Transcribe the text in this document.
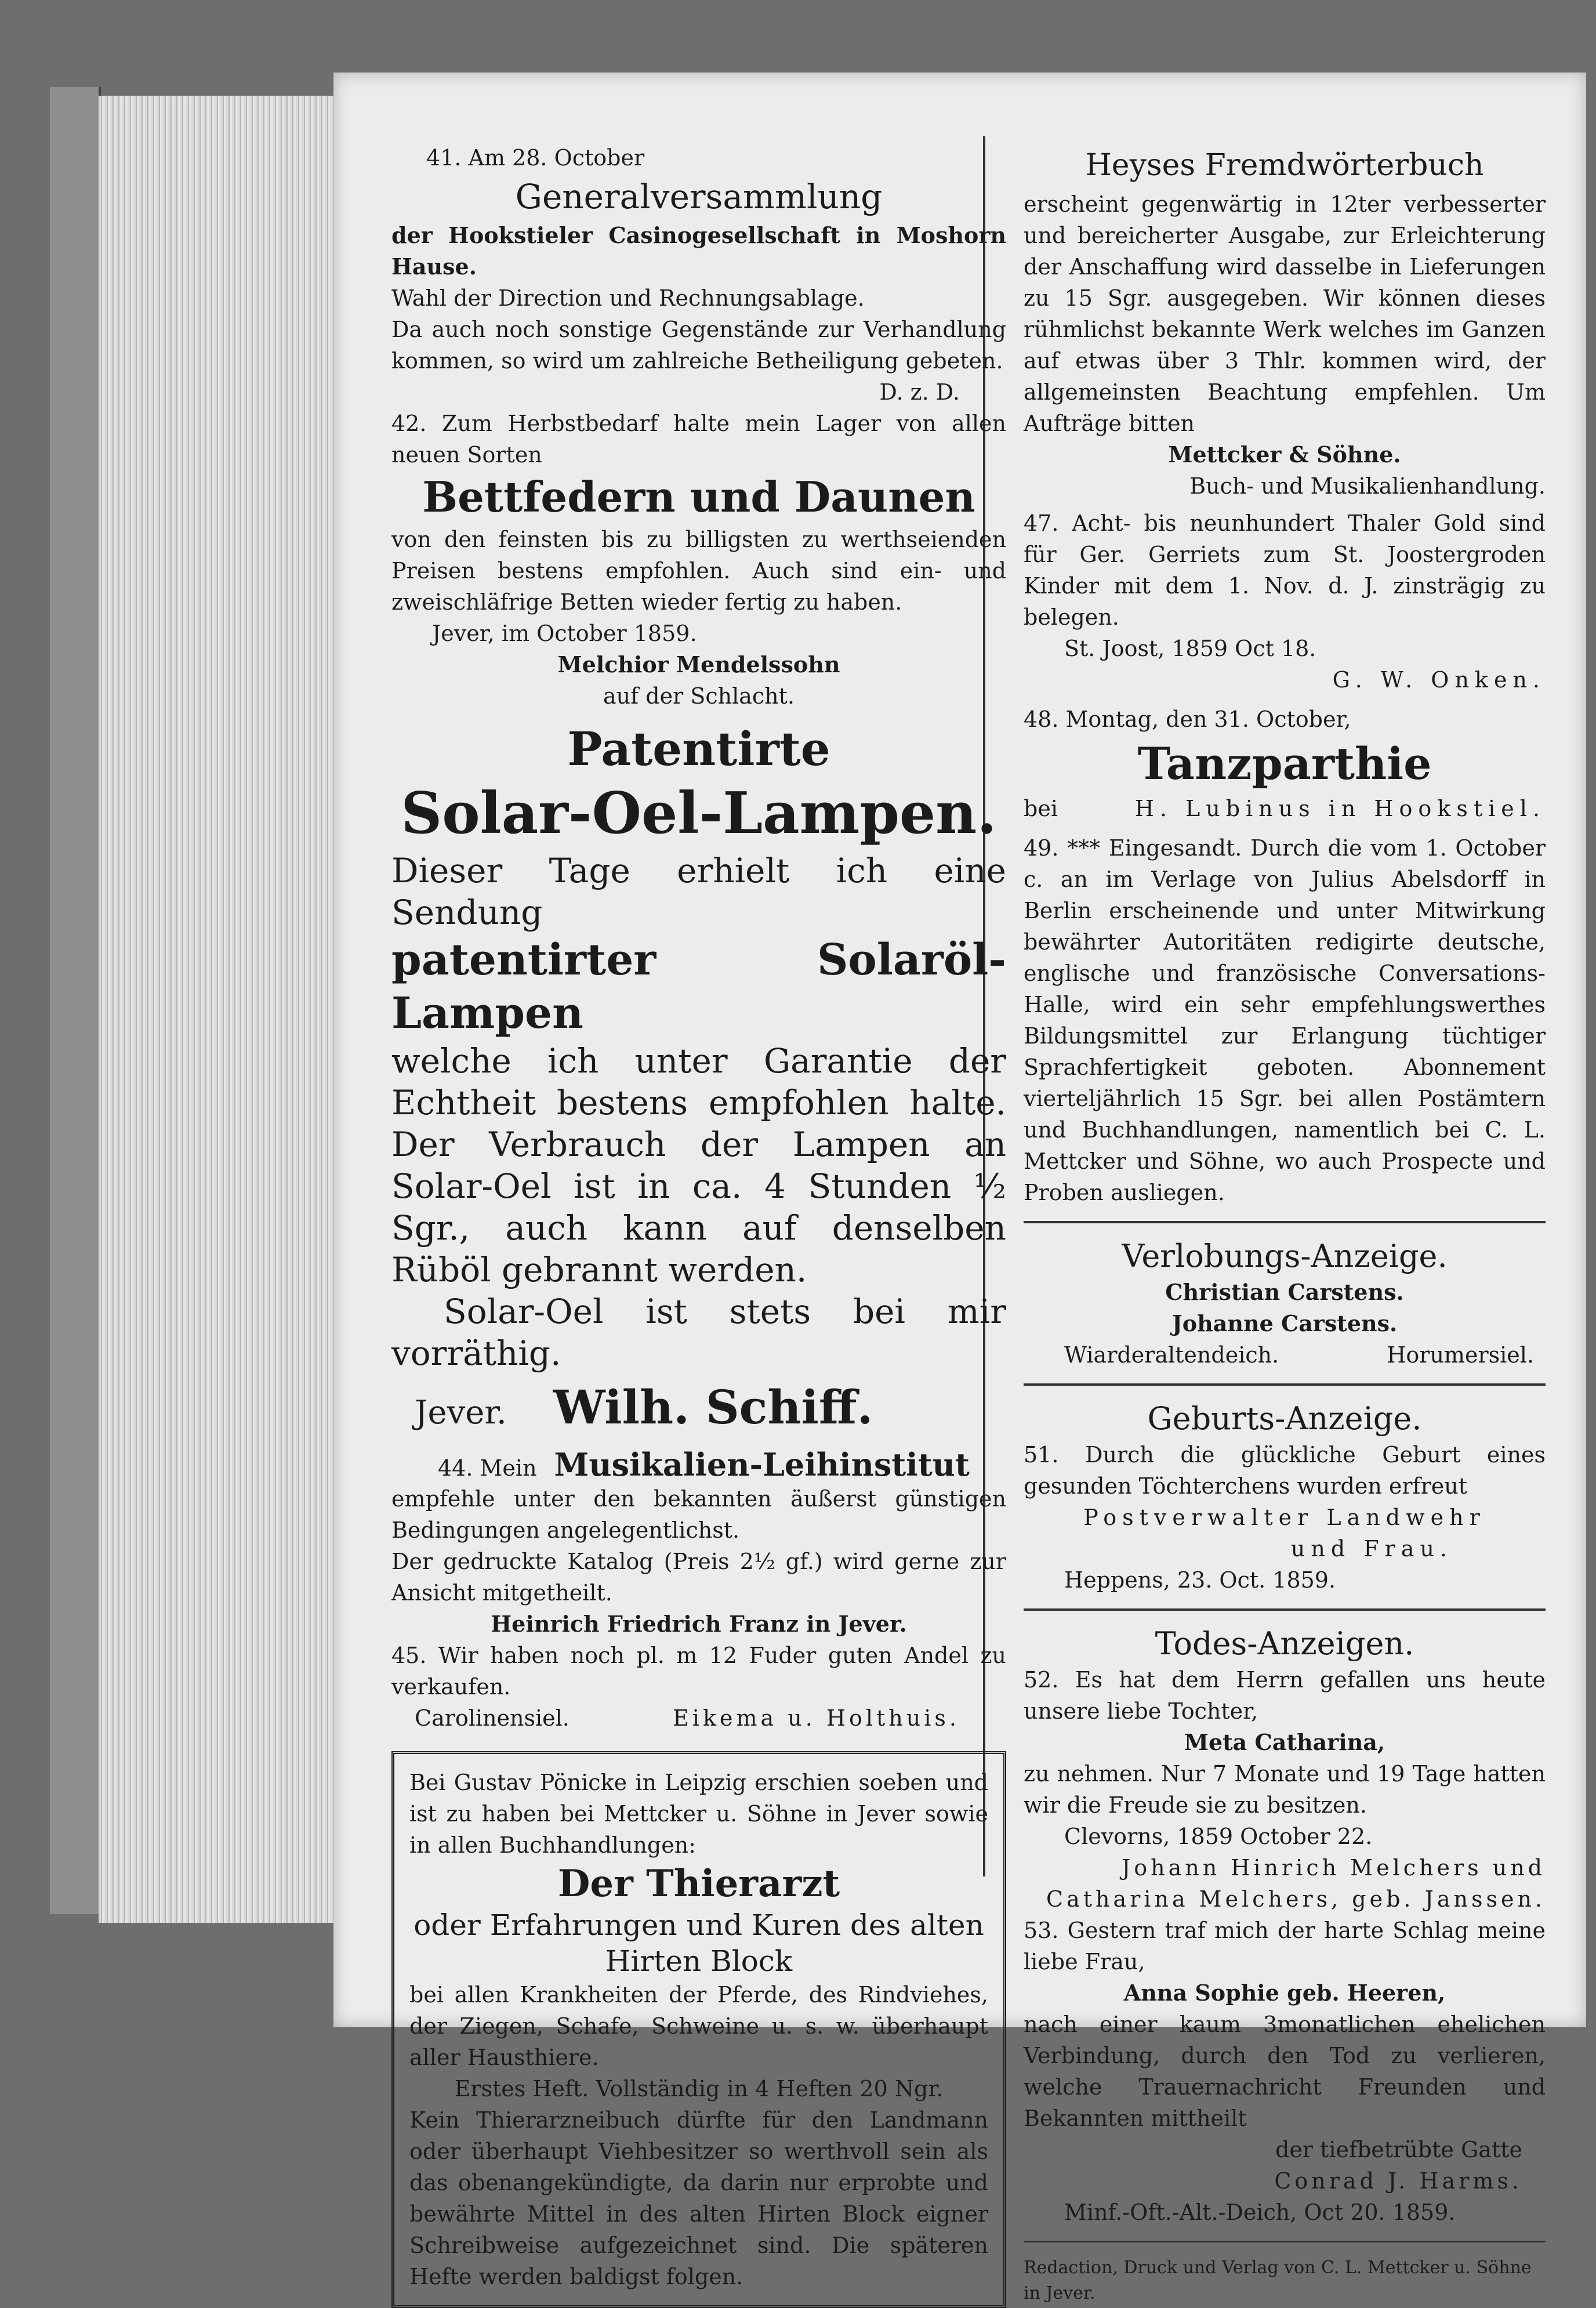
41. Am 28. October

Generalversammlung

der Hookstieler Casinogesellschaft in Moshorn Hause.

Wahl der Direction und Rechnungsablage.

Da auch noch sonstige Gegenstände zur Verhandlung kommen, so wird um zahlreiche Betheiligung gebeten.

D. z. D.

42. Zum Herbstbedarf halte mein Lager von allen neuen Sorten

Bettfedern und Daunen

von den feinsten bis zu billigsten zu werthseienden Preisen bestens empfohlen. Auch sind ein- und zweischläfrige Betten wieder fertig zu haben.

Jever, im October 1859.

Melchior Mendelssohn

auf der Schlacht.

Patentirte
Solar-Oel-Lampen.

Dieser Tage erhielt ich eine Sendung

patentirter Solaröl-Lampen

welche ich unter Garantie der Echtheit bestens empfohlen halte. Der Verbrauch der Lampen an Solar-Oel ist in ca. 4 Stunden ½ Sgr., auch kann auf denselben Rüböl gebrannt werden.

Solar-Oel ist stets bei mir vorräthig.

Jever. Wilh. Schiff.
44. Mein Musikalien-Leihinstitut

empfehle unter den bekannten äußerst günstigen Bedingungen angelegentlichst.

Der gedruckte Katalog (Preis 2½ gf.) wird gerne zur Ansicht mitgetheilt.

Heinrich Friedrich Franz in Jever.

45. Wir haben noch pl. m 12 Fuder guten Andel zu verkaufen.

Carolinensiel.	Eikema u. Holthuis.

Bei Gustav Pönicke in Leipzig erschien soeben und ist zu haben bei Mettcker u. Söhne in Jever sowie in allen Buchhandlungen:

Der Thierarzt

oder Erfahrungen und Kuren des alten Hirten Block

bei allen Krankheiten der Pferde, des Rindviehes, der Ziegen, Schafe, Schweine u. s. w. überhaupt aller Hausthiere.

Erstes Heft. Vollständig in 4 Heften 20 Ngr.

Kein Thierarzneibuch dürfte für den Landmann oder überhaupt Viehbesitzer so werthvoll sein als das obenangekündigte, da darin nur erprobte und bewährte Mittel in des alten Hirten Block eigner Schreibweise aufgezeichnet sind. Die späteren Hefte werden baldigst folgen.

Heyses Fremdwörterbuch

erscheint gegenwärtig in 12ter verbesserter und bereicherter Ausgabe, zur Erleichterung der Anschaffung wird dasselbe in Lieferungen zu 15 Sgr. ausgegeben. Wir können dieses rühmlichst bekannte Werk welches im Ganzen auf etwas über 3 Thlr. kommen wird, der allgemeinsten Beachtung empfehlen. Um Aufträge bitten

Mettcker & Söhne.

Buch- und Musikalienhandlung.

47. Acht- bis neunhundert Thaler Gold sind für Ger. Gerriets zum St. Joostergroden Kinder mit dem 1. Nov. d. J. zinsträgig zu belegen.

St. Joost, 1859 Oct 18.

G. W. Onken.

48. Montag, den 31. October,

Tanzparthie
bei	H. Lubinus in Hookstiel.

49. *** Eingesandt. Durch die vom 1. October c. an im Verlage von Julius Abelsdorff in Berlin erscheinende und unter Mitwirkung bewährter Autoritäten redigirte deutsche, englische und französische Conversations-Halle, wird ein sehr empfehlungswerthes Bildungsmittel zur Erlangung tüchtiger Sprachfertigkeit geboten. Abonnement vierteljährlich 15 Sgr. bei allen Postämtern und Buchhandlungen, namentlich bei C. L. Mettcker und Söhne, wo auch Prospecte und Proben ausliegen.

Verlobungs-Anzeige.

Christian Carstens.

Johanne Carstens.

Wiarderaltendeich.	Horumersiel.
Geburts-Anzeige.

51. Durch die glückliche Geburt eines gesunden Töchterchens wurden erfreut

Postverwalter Landwehr

und Frau.

Heppens, 23. Oct. 1859.

Todes-Anzeigen.

52. Es hat dem Herrn gefallen uns heute unsere liebe Tochter,

Meta Catharina,

zu nehmen. Nur 7 Monate und 19 Tage hatten wir die Freude sie zu besitzen.

Clevorns, 1859 October 22.

Johann Hinrich Melchers und

Catharina Melchers, geb. Janssen.

53. Gestern traf mich der harte Schlag meine liebe Frau,

Anna Sophie geb. Heeren,

nach einer kaum 3monatlichen ehelichen Verbindung, durch den Tod zu verlieren, welche Trauernachricht Freunden und Bekannten mittheilt

der tiefbetrübte Gatte

Conrad J. Harms.

Minf.-Oft.-Alt.-Deich, Oct 20. 1859.

Redaction, Druck und Verlag von C. L. Mettcker u. Söhne in Jever.
